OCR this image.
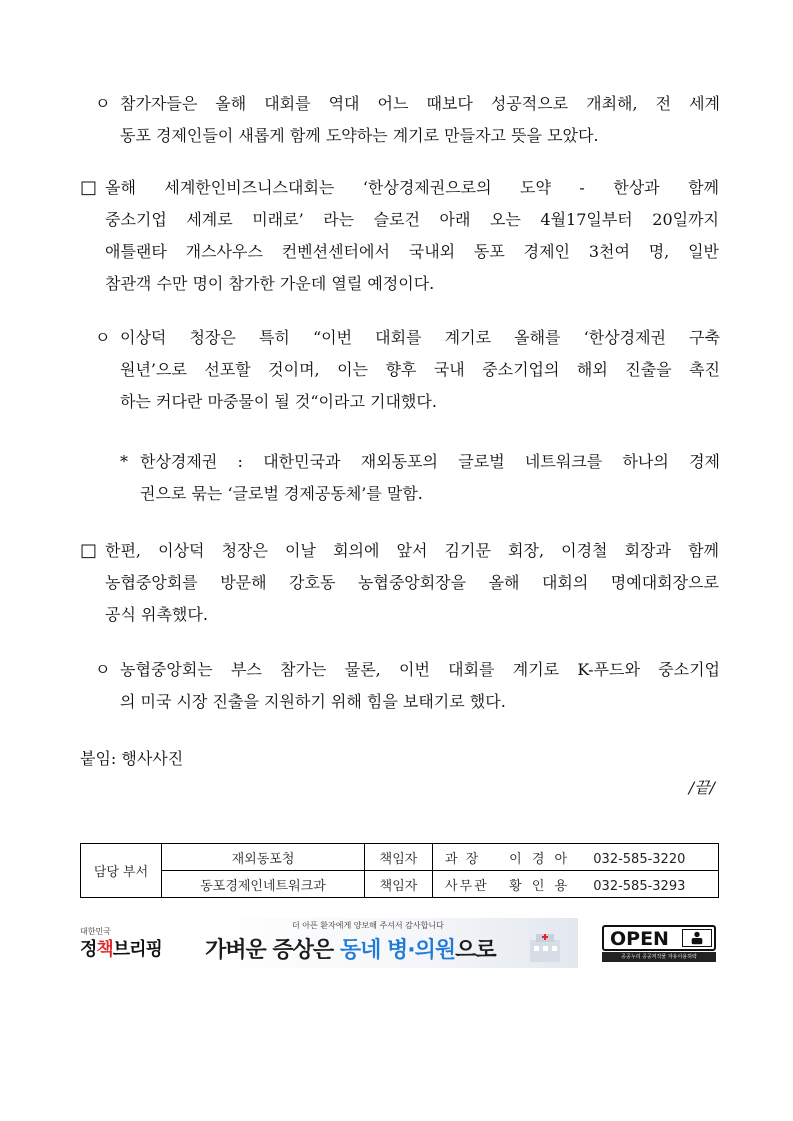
ㅇ 참가자들은 올해 대회를 역대 어느 때보다 성공적으로 개최해, 전 세계
동포 경제인들이 새롭게 함께 도약하는 계기로 만들자고 뜻을 모았다.
□ 올해 세계한인비즈니스대회는 ‘한상경제권으로의 도약 - 한상과 함께
중소기업 세계로 미래로’ 라는 슬로건 아래 오는 4월17일부터 20일까지
애틀랜타 개스사우스 컨벤션센터에서 국내외 동포 경제인 3천여 명, 일반
참관객 수만 명이 참가한 가운데 열릴 예정이다.
ㅇ 이상덕 청장은 특히 “이번 대회를 계기로 올해를 ‘한상경제권 구축
원년’으로 선포할 것이며, 이는 향후 국내 중소기업의 해외 진출을 촉진
하는 커다란 마중물이 될 것“이라고 기대했다.
* 한상경제권 : 대한민국과 재외동포의 글로벌 네트워크를 하나의 경제
권으로 묶는 ‘글로벌 경제공동체’를 말함.
□ 한편, 이상덕 청장은 이날 회의에 앞서 김기문 회장, 이경철 회장과 함께
농협중앙회를 방문해 강호동 농협중앙회장을 올해 대회의 명예대회장으로
공식 위촉했다.
ㅇ 농협중앙회는 부스 참가는 물론, 이번 대회를 계기로 K-푸드와 중소기업
의 미국 시장 진출을 지원하기 위해 힘을 보태기로 했다.
붙임: 행사사진
/끝/
담당 부서	재외동포청	책임자	과 장 이 경 아 032-585-3220
	동포경제인네트워크과	책임자	사무관 황 인 용 032-585-3293
대한민국
정책브리핑
더 아픈 환자에게 양보해 주셔서 감사합니다
가벼운 증상은 동네 병·의원으로	OPEN
공공누리 공공저작물 자유이용허락
